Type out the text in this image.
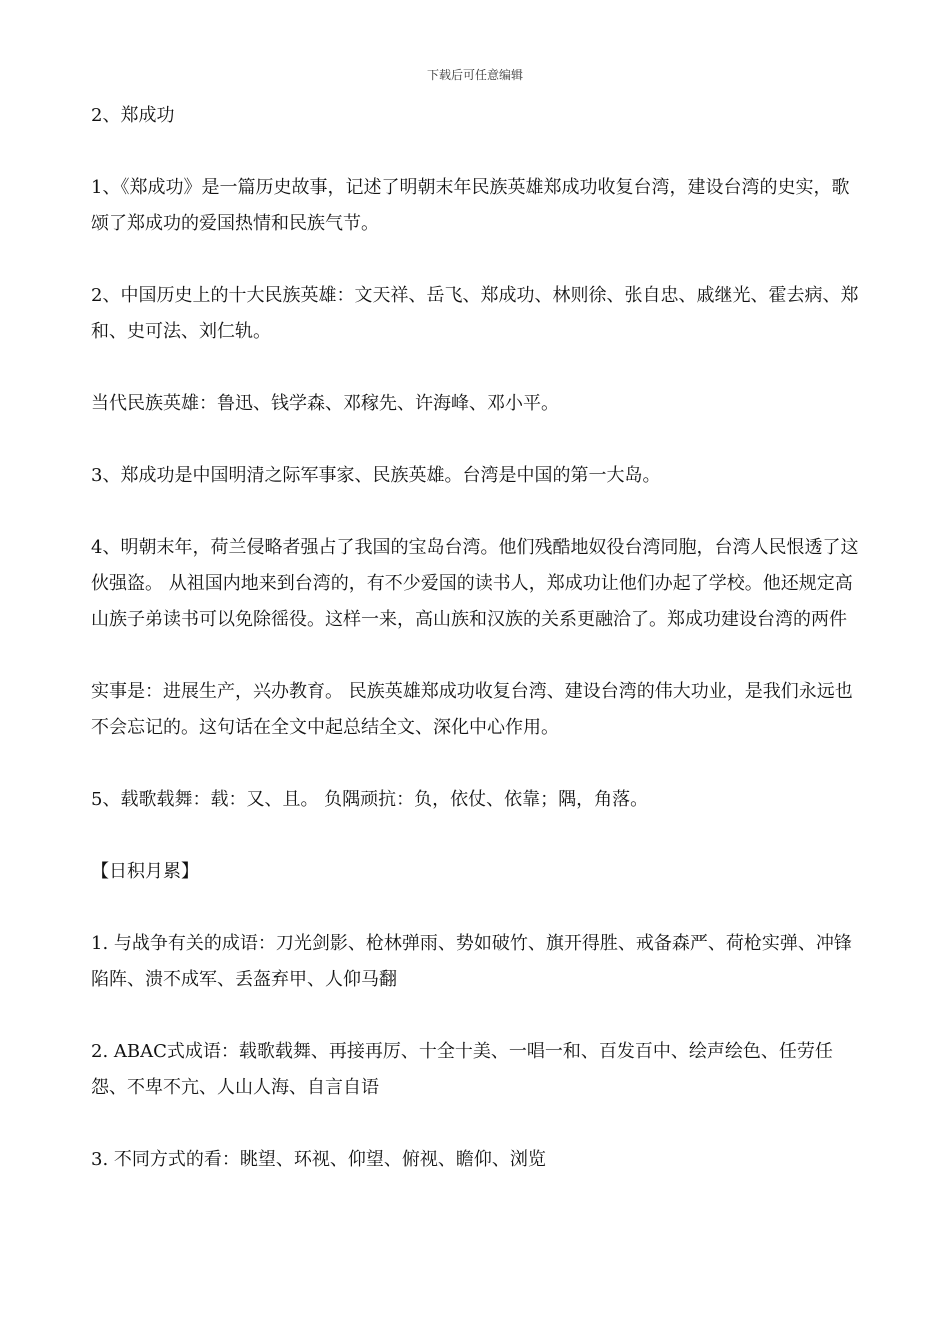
下载后可任意编辑

2、郑成功

1、《郑成功》是一篇历史故事，记述了明朝末年民族英雄郑成功收复台湾，建设台湾的史实，歌颂了郑成功的爱国热情和民族气节。

2、中国历史上的十大民族英雄：文天祥、岳飞、郑成功、林则徐、张自忠、戚继光、霍去病、郑和、史可法、刘仁轨。

当代民族英雄：鲁迅、钱学森、邓稼先、许海峰、邓小平。

3、郑成功是中国明清之际军事家、民族英雄。台湾是中国的第一大岛。

4、明朝末年，荷兰侵略者强占了我国的宝岛台湾。他们残酷地奴役台湾同胞，台湾人民恨透了这伙强盗。 从祖国内地来到台湾的，有不少爱国的读书人，郑成功让他们办起了学校。他还规定高山族子弟读书可以免除徭役。这样一来，高山族和汉族的关系更融洽了。郑成功建设台湾的两件

实事是：进展生产，兴办教育。 民族英雄郑成功收复台湾、建设台湾的伟大功业，是我们永远也不会忘记的。这句话在全文中起总结全文、深化中心作用。

5、载歌载舞：载：又、且。 负隅顽抗：负，依仗、依靠；隅，角落。

【日积月累】

1. 与战争有关的成语：刀光剑影、枪林弹雨、势如破竹、旗开得胜、戒备森严、荷枪实弹、冲锋陷阵、溃不成军、丢盔弃甲、人仰马翻

2. ABAC式成语：载歌载舞、再接再厉、十全十美、一唱一和、百发百中、绘声绘色、任劳任怨、不卑不亢、人山人海、自言自语

3. 不同方式的看：眺望、环视、仰望、俯视、瞻仰、浏览
